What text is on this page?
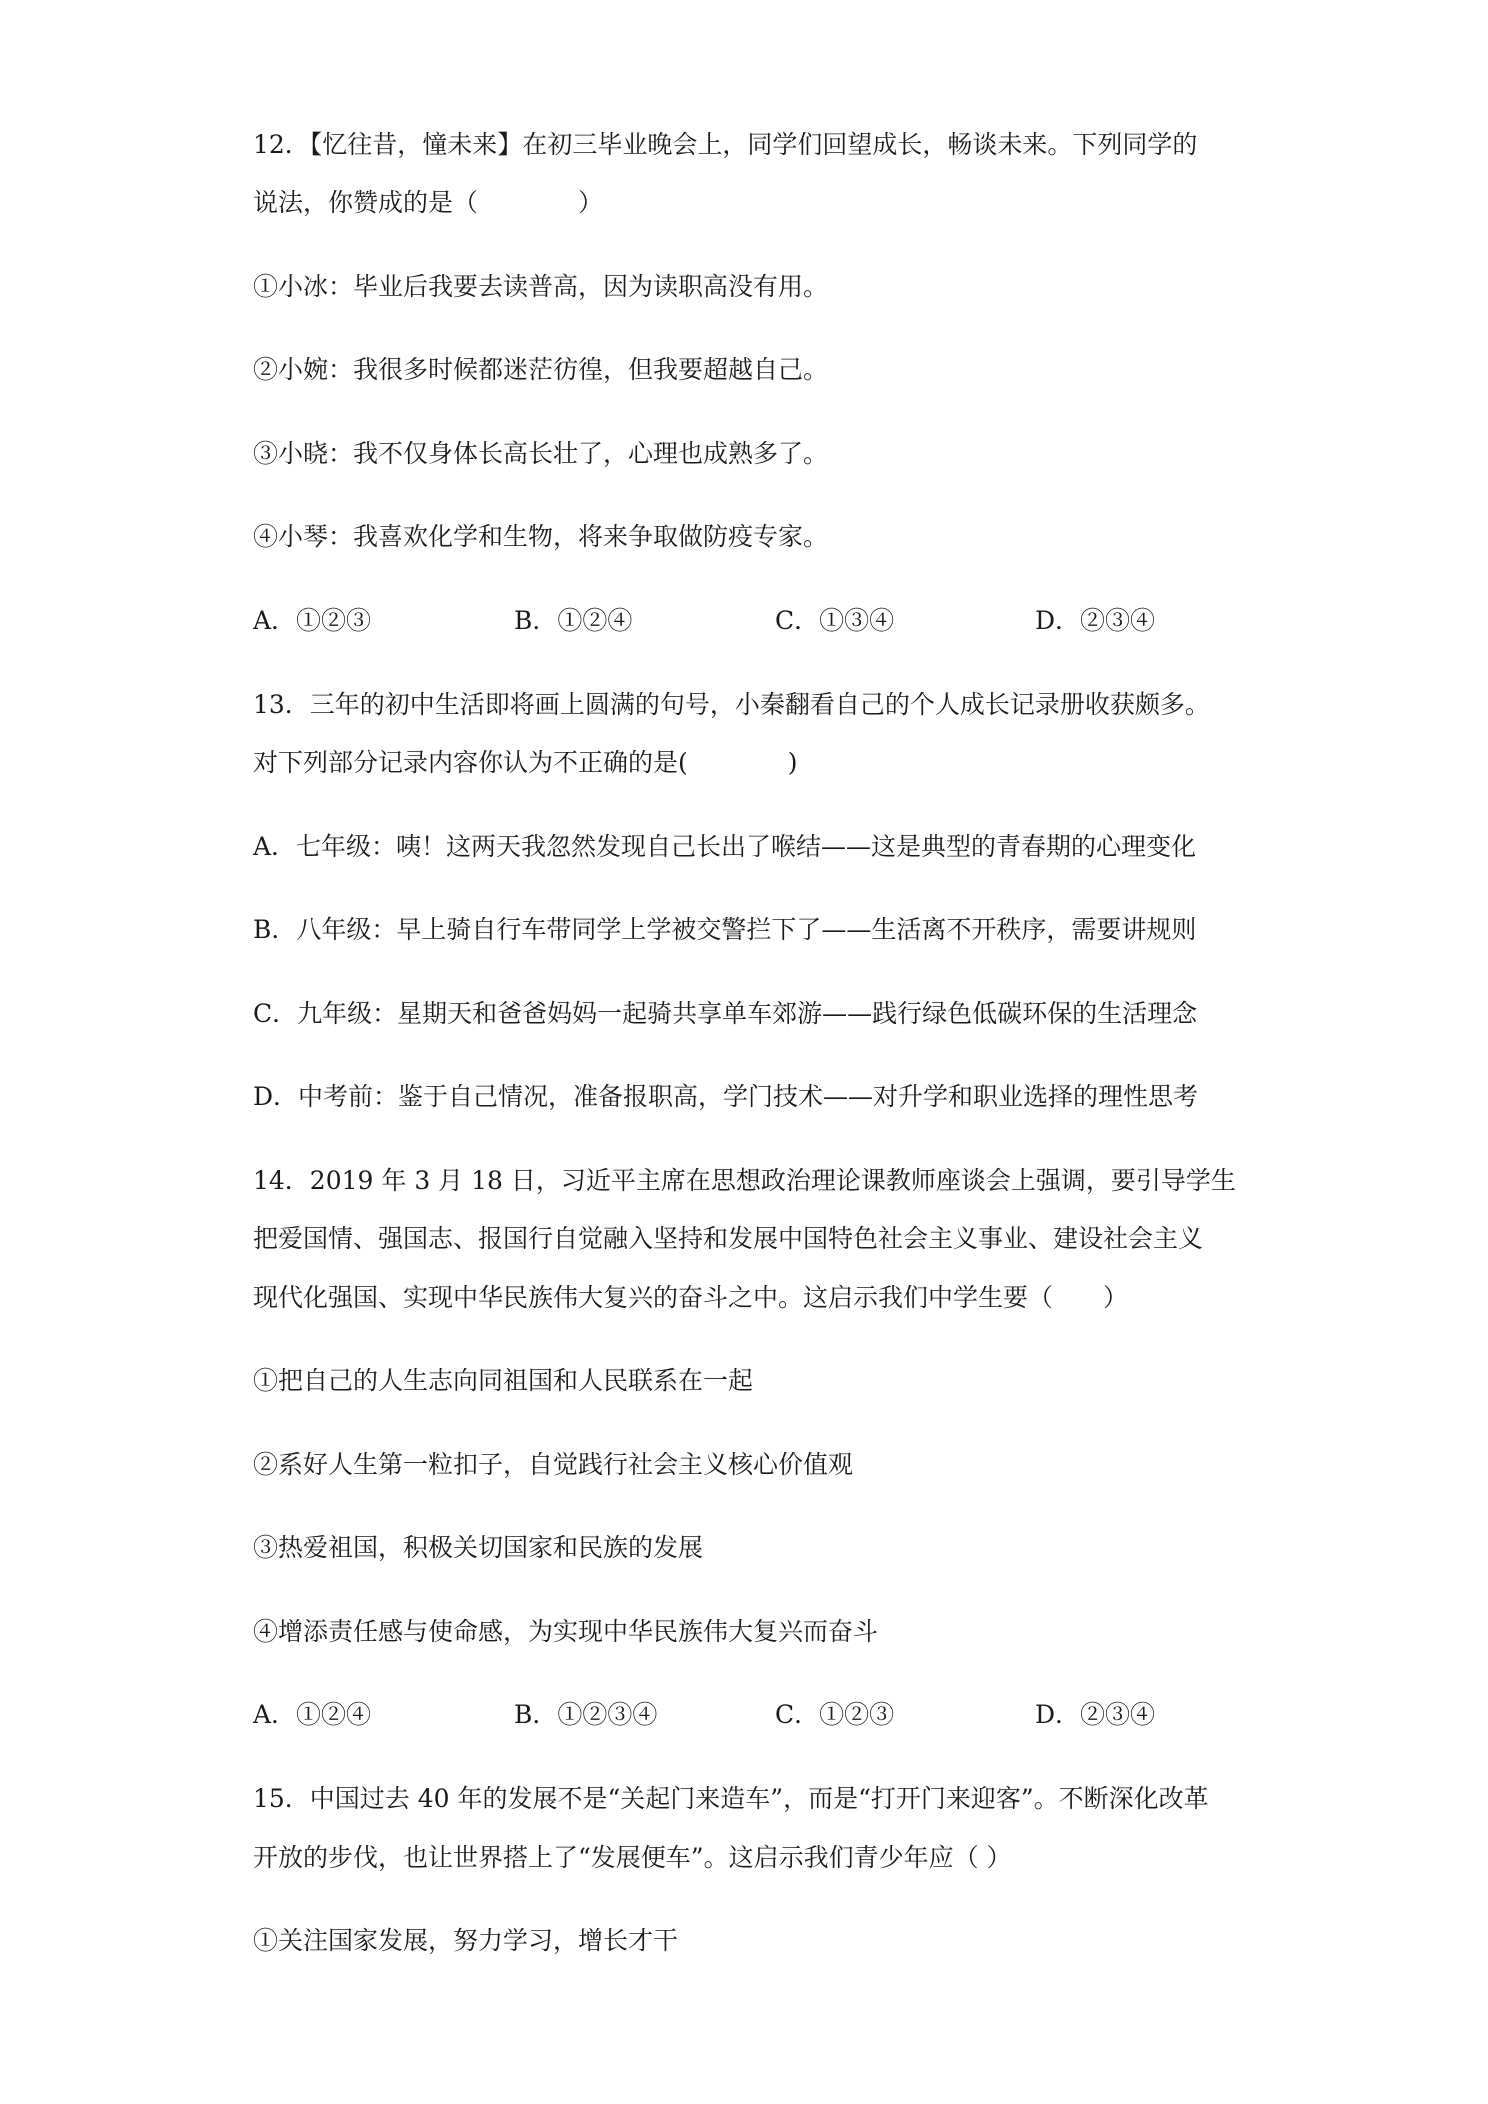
12．【忆往昔，憧未来】在初三毕业晚会上，同学们回望成长，畅谈未来。下列同学的
说法，你赞成的是（　　　　）
①小冰：毕业后我要去读普高，因为读职高没有用。
②小婉：我很多时候都迷茫彷徨，但我要超越自己。
③小晓：我不仅身体长高长壮了，心理也成熟多了。
④小琴：我喜欢化学和生物，将来争取做防疫专家。
A．①②③	B．①②④	C．①③④	D．②③④
13．三年的初中生活即将画上圆满的句号，小秦翻看自己的个人成长记录册收获颇多。
对下列部分记录内容你认为不正确的是(　　　　)
A．七年级：咦！这两天我忽然发现自己长出了喉结——这是典型的青春期的心理变化
B．八年级：早上骑自行车带同学上学被交警拦下了——生活离不开秩序，需要讲规则
C．九年级：星期天和爸爸妈妈一起骑共享单车郊游——践行绿色低碳环保的生活理念
D．中考前：鉴于自己情况，准备报职高，学门技术——对升学和职业选择的理性思考
14．2019 年 3 月 18 日，习近平主席在思想政治理论课教师座谈会上强调，要引导学生
把爱国情、强国志、报国行自觉融入坚持和发展中国特色社会主义事业、建设社会主义
现代化强国、实现中华民族伟大复兴的奋斗之中。这启示我们中学生要（　　）
①把自己的人生志向同祖国和人民联系在一起
②系好人生第一粒扣子，自觉践行社会主义核心价值观
③热爱祖国，积极关切国家和民族的发展
④增添责任感与使命感，为实现中华民族伟大复兴而奋斗
A．①②④	B．①②③④	C．①②③	D．②③④
15．中国过去 40 年的发展不是“关起门来造车”，而是“打开门来迎客”。不断深化改革
开放的步伐，也让世界搭上了“发展便车”。这启示我们青少年应（ ）
①关注国家发展，努力学习，增长才干
